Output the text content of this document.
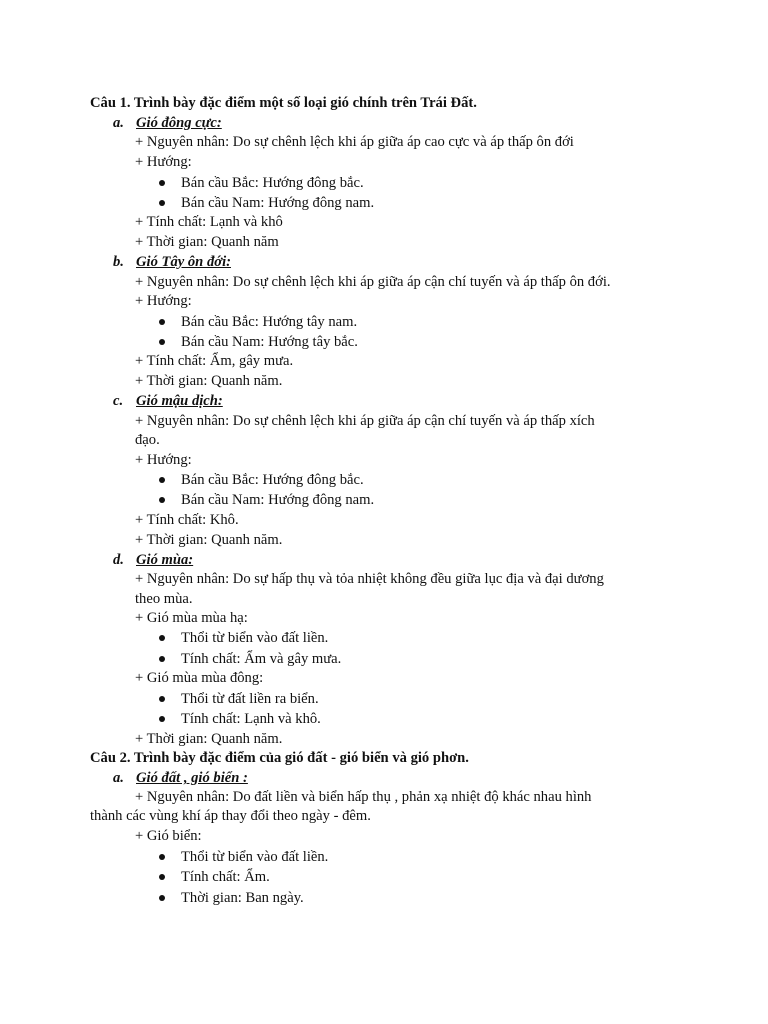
Câu 1. Trình bày đặc điểm một số loại gió chính trên Trái Đất.
a. Gió đông cực:
+ Nguyên nhân: Do sự chênh lệch khi áp giữa áp cao cực và áp thấp ôn đới
+ Hướng:
Bán cầu Bắc: Hướng đông bắc.
Bán cầu Nam: Hướng đông nam.
+ Tính chất: Lạnh và khô
+ Thời gian: Quanh năm
b. Gió Tây ôn đới:
+ Nguyên nhân: Do sự chênh lệch khi áp giữa áp cận chí tuyến và áp thấp ôn đới.
+ Hướng:
Bán cầu Bắc: Hướng tây nam.
Bán cầu Nam: Hướng tây bắc.
+ Tính chất: Ẩm, gây mưa.
+ Thời gian: Quanh năm.
c. Gió mậu dịch:
+ Nguyên nhân: Do sự chênh lệch khi áp giữa áp cận chí tuyến và áp thấp xích
đạo.
+ Hướng:
Bán cầu Bắc: Hướng đông bắc.
Bán cầu Nam: Hướng đông nam.
+ Tính chất: Khô.
+ Thời gian: Quanh năm.
d. Gió mùa:
+ Nguyên nhân: Do sự hấp thụ và tỏa nhiệt không đều giữa lục địa và đại dương
theo mùa.
+ Gió mùa mùa hạ:
Thổi từ biển vào đất liền.
Tính chất: Ẩm và gây mưa.
+ Gió mùa mùa đông:
Thổi từ đất liền ra biển.
Tính chất: Lạnh và khô.
+ Thời gian: Quanh năm.
Câu 2. Trình bày đặc điểm của gió đất - gió biển và gió phơn.
a. Gió đất , gió biển :
+ Nguyên nhân: Do đất liền và biển hấp thụ , phản xạ nhiệt độ khác nhau hình
thành các vùng khí áp thay đổi theo ngày - đêm.
+ Gió biển:
Thổi từ biển vào đất liền.
Tính chất: Ẩm.
Thời gian: Ban ngày.
